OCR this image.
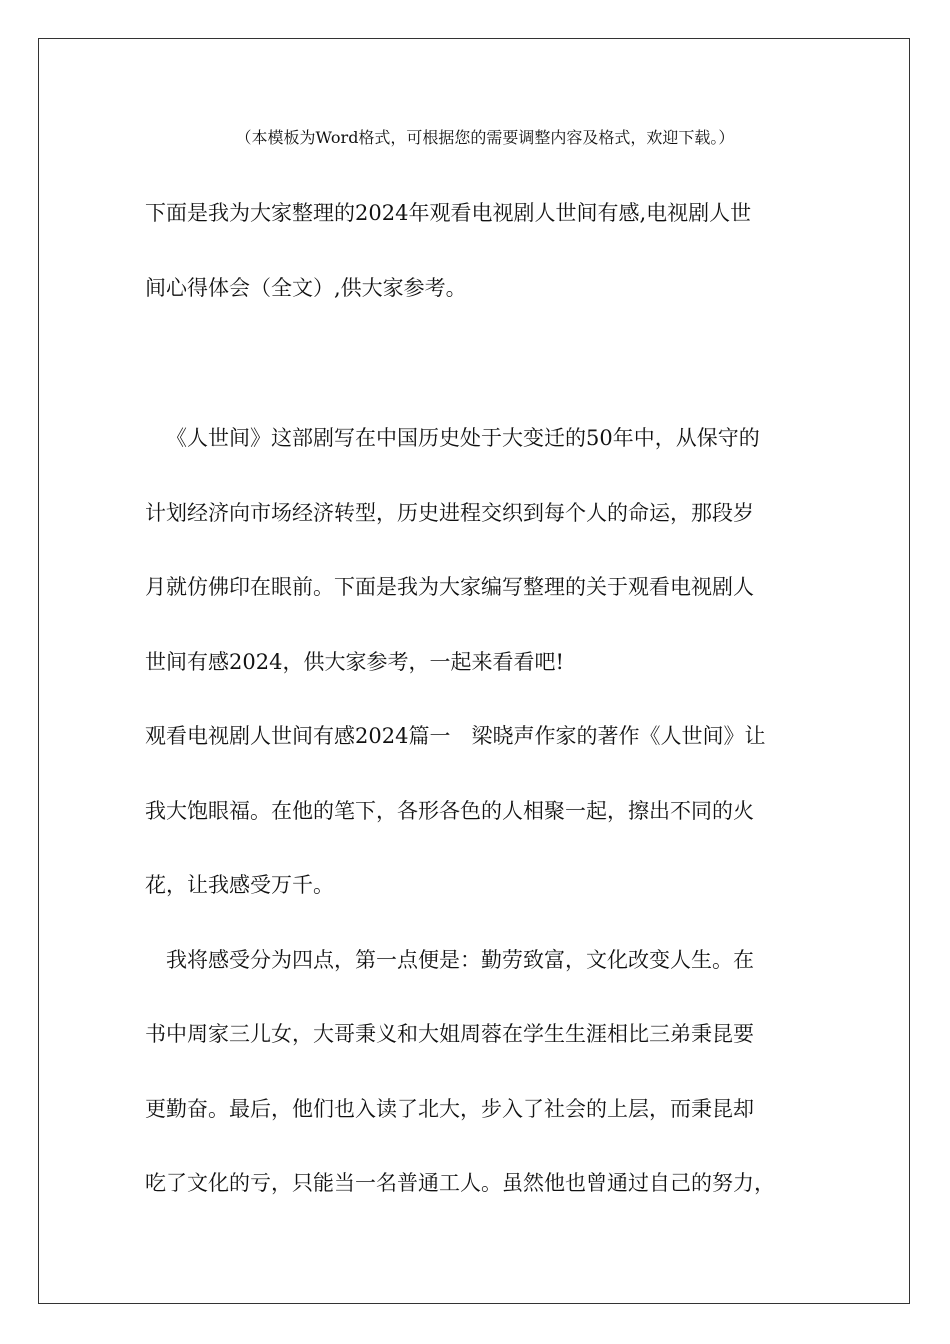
（本模板为Word格式，可根据您的需要调整内容及格式，欢迎下载。）
下面是我为大家整理的2024年观看电视剧人世间有感,电视剧人世
间心得体会（全文）,供大家参考。
《人世间》这部剧写在中国历史处于大变迁的50年中，从保守的
计划经济向市场经济转型，历史进程交织到每个人的命运，那段岁
月就仿佛印在眼前。下面是我为大家编写整理的关于观看电视剧人
世间有感2024，供大家参考，一起来看看吧!
观看电视剧人世间有感2024篇一　梁晓声作家的著作《人世间》让
我大饱眼福。在他的笔下，各形各色的人相聚一起，擦出不同的火
花，让我感受万千。
我将感受分为四点，第一点便是：勤劳致富，文化改变人生。在
书中周家三儿女，大哥秉义和大姐周蓉在学生生涯相比三弟秉昆要
更勤奋。最后，他们也入读了北大，步入了社会的上层，而秉昆却
吃了文化的亏，只能当一名普通工人。虽然他也曾通过自己的努力，
